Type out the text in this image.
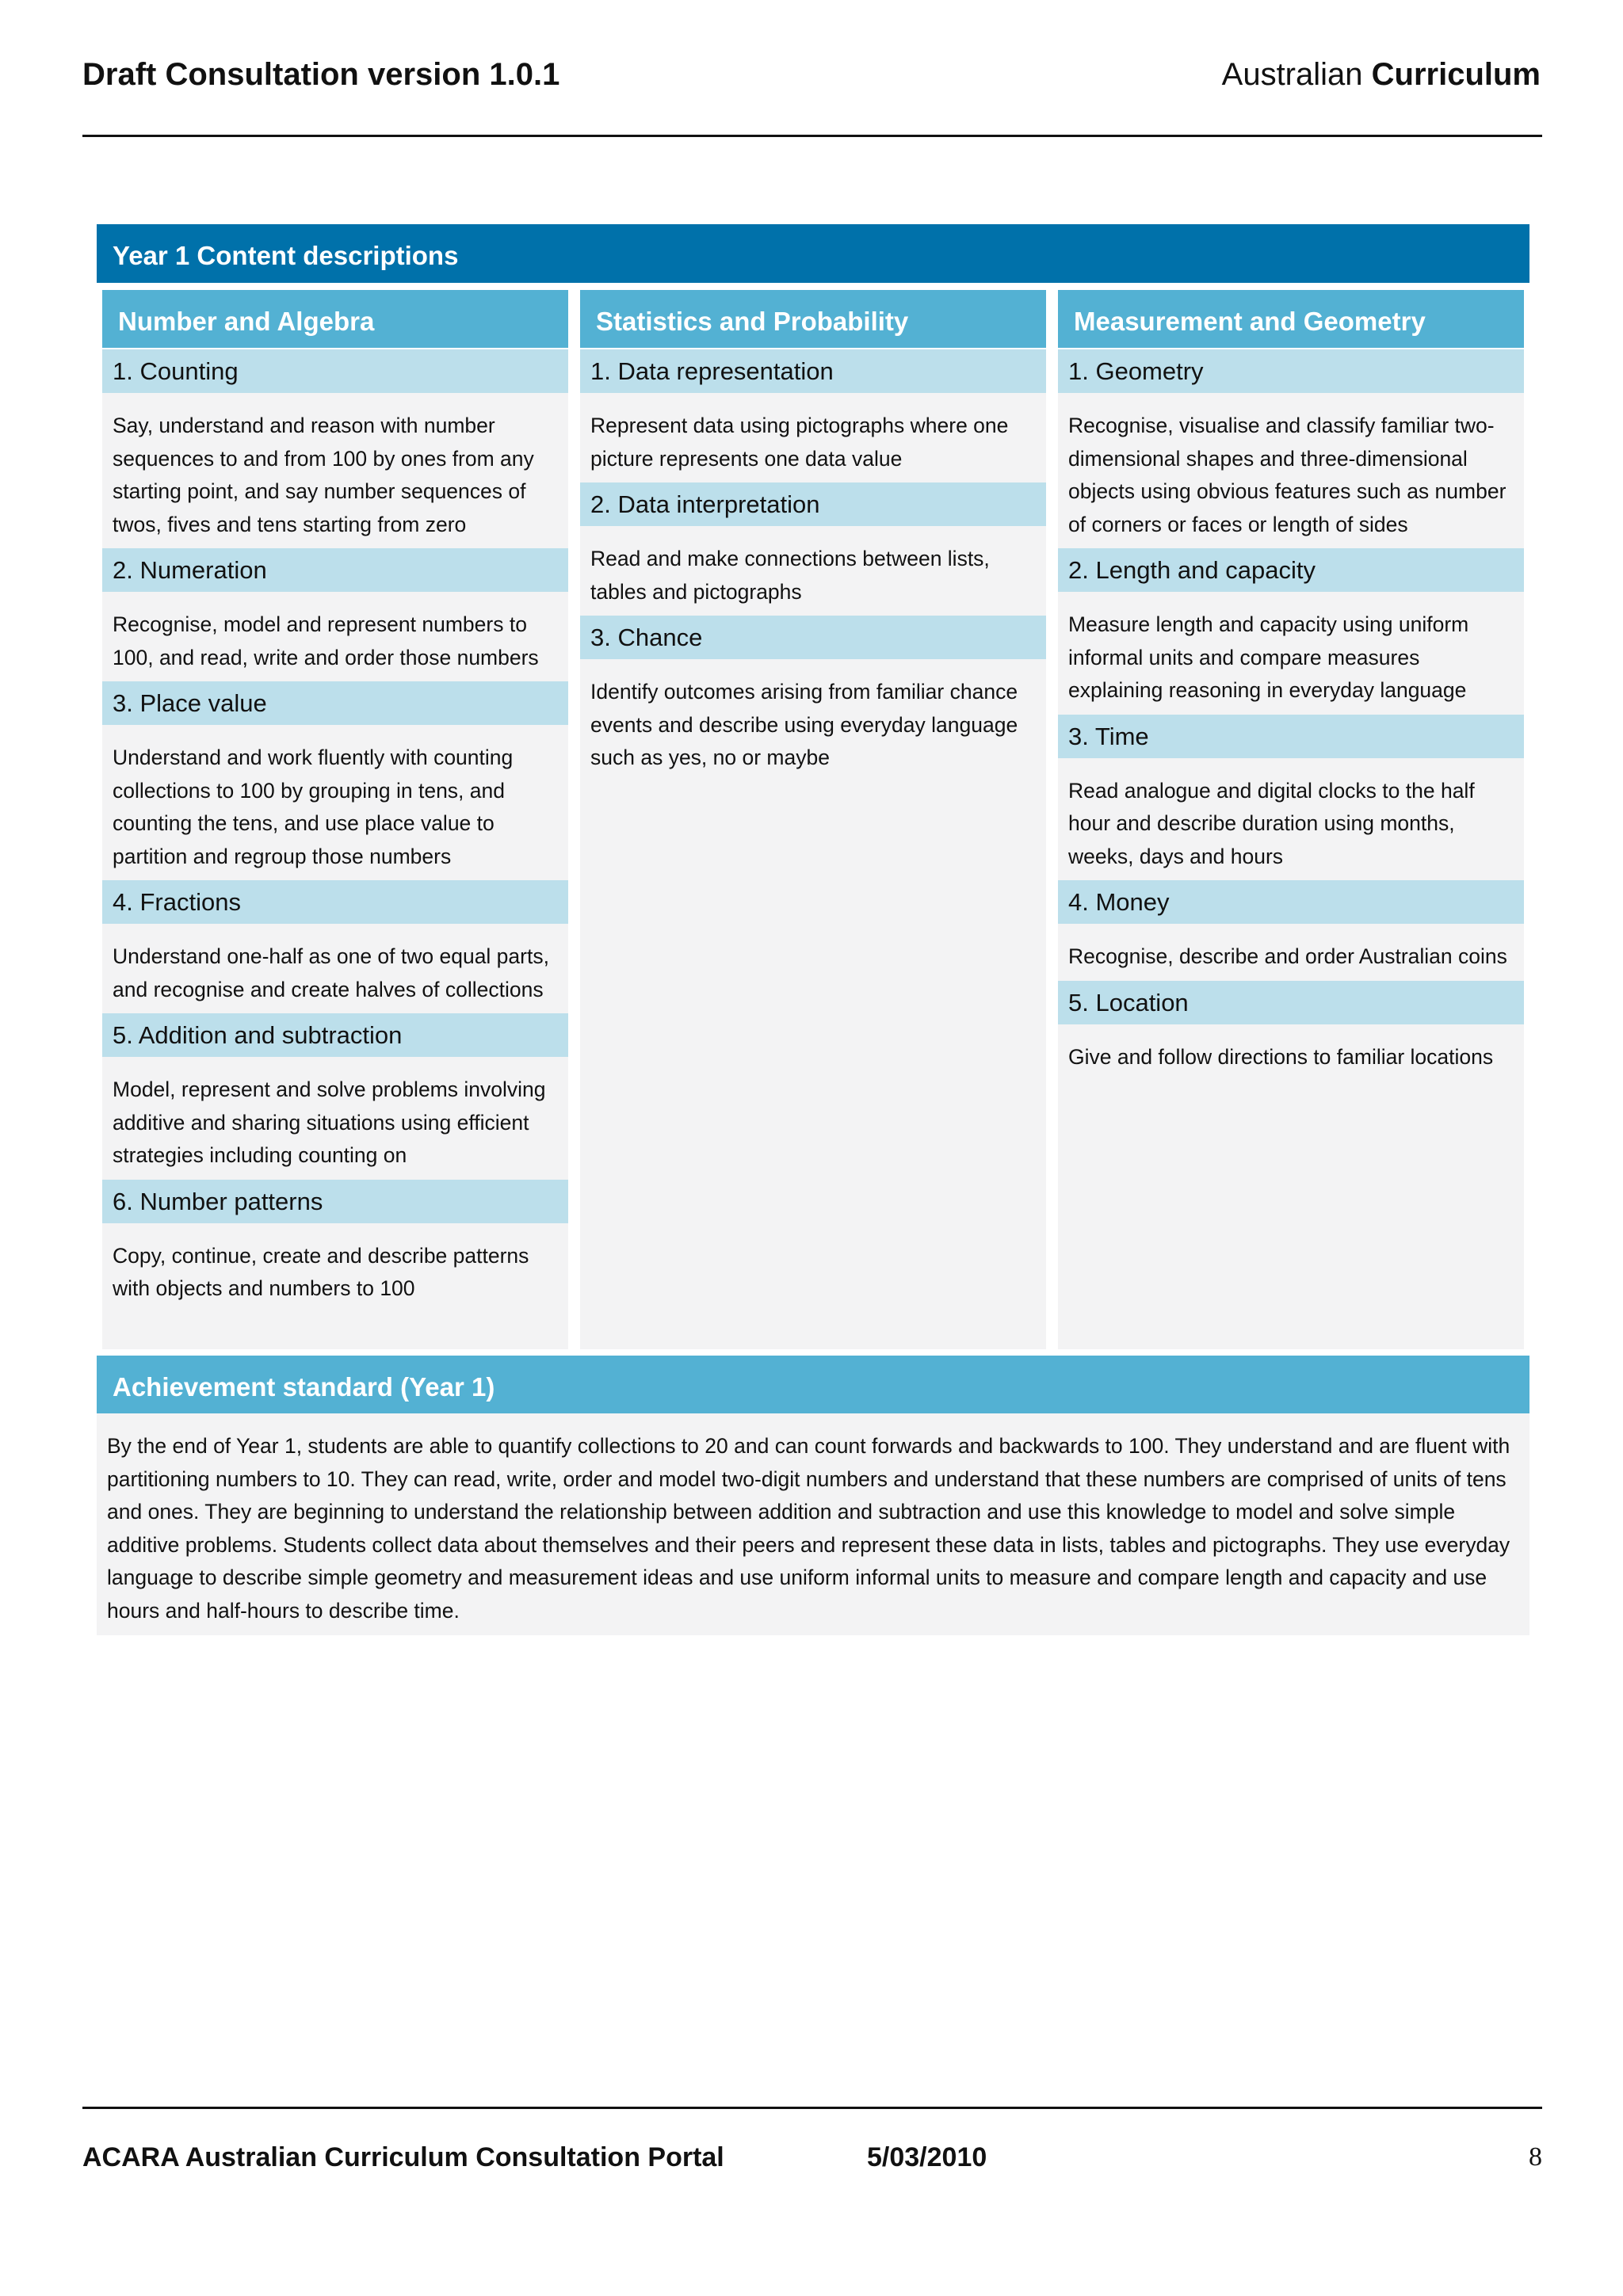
Draft Consultation version 1.0.1	Australian Curriculum
Year 1 Content descriptions
Number and Algebra
1. Counting
Say, understand and reason with number sequences to and from 100 by ones from any starting point, and say number sequences of twos, fives and tens starting from zero
2. Numeration
Recognise, model and represent numbers to 100, and read, write and order those numbers
3. Place value
Understand and work fluently with counting collections to 100 by grouping in tens, and counting the tens, and use place value to partition and regroup those numbers
4. Fractions
Understand one-half as one of two equal parts, and recognise and create halves of collections
5. Addition and subtraction
Model, represent and solve problems involving additive and sharing situations using efficient strategies including counting on
6. Number patterns
Copy, continue, create and describe patterns with objects and numbers to 100
Statistics and Probability
1. Data representation
Represent data using pictographs where one picture represents one data value
2. Data interpretation
Read and make connections between lists, tables and pictographs
3. Chance
Identify outcomes arising from familiar chance events and describe using everyday language such as yes, no or maybe
Measurement and Geometry
1. Geometry
Recognise, visualise and classify familiar two-dimensional shapes and three-dimensional objects using obvious features such as number of corners or faces or length of sides
2. Length and capacity
Measure length and capacity using uniform informal units and compare measures explaining reasoning in everyday language
3. Time
Read analogue and digital clocks to the half hour and describe duration using months, weeks, days and hours
4. Money
Recognise, describe and order Australian coins
5. Location
Give and follow directions to familiar locations
Achievement standard (Year 1)
By the end of Year 1, students are able to quantify collections to 20 and can count forwards and backwards to 100. They understand and are fluent with partitioning numbers to 10. They can read, write, order and model two-digit numbers and understand that these numbers are comprised of units of tens and ones. They are beginning to understand the relationship between addition and subtraction and use this knowledge to model and solve simple additive problems. Students collect data about themselves and their peers and represent these data in lists, tables and pictographs. They use everyday language to describe simple geometry and measurement ideas and use uniform informal units to measure and compare length and capacity and use hours and half-hours to describe time.
ACARA Australian Curriculum Consultation Portal	5/03/2010	8
